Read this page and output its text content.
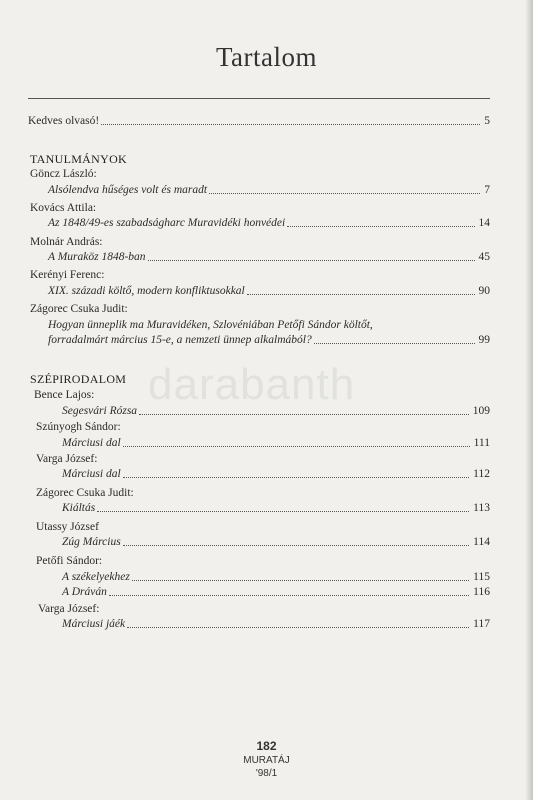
Tartalom
darabanth
Kedves olvasó!	5
TANULMÁNYOK
Göncz László:
Alsólendva hűséges volt és maradt	7
Kovács Attila:
Az 1848/49-es szabadságharc Muravidéki honvédei	14
Molnár András:
A Muraköz 1848-ban	45
Kerényi Ferenc:
XIX. századi költő, modern konfliktusokkal	90
Zágorec Csuka Judit:
Hogyan ünneplik ma Muravidéken, Szlovéniában Petőfi Sándor költőt,
forradalmárt március 15-e, a nemzeti ünnep alkalmából?	99
SZÉPIRODALOM
Bence Lajos:
Segesvári Rózsa	109
Szúnyogh Sándor:
Márciusi dal	111
Varga József:
Márciusi dal	112
Zágorec Csuka Judit:
Kiáltás	113
Utassy József
Zúg Március	114
Petőfi Sándor:
A székelyekhez	115
A Dráván	116
Varga József:
Márciusi jáék	117
182
MURATÁJ
'98/1
